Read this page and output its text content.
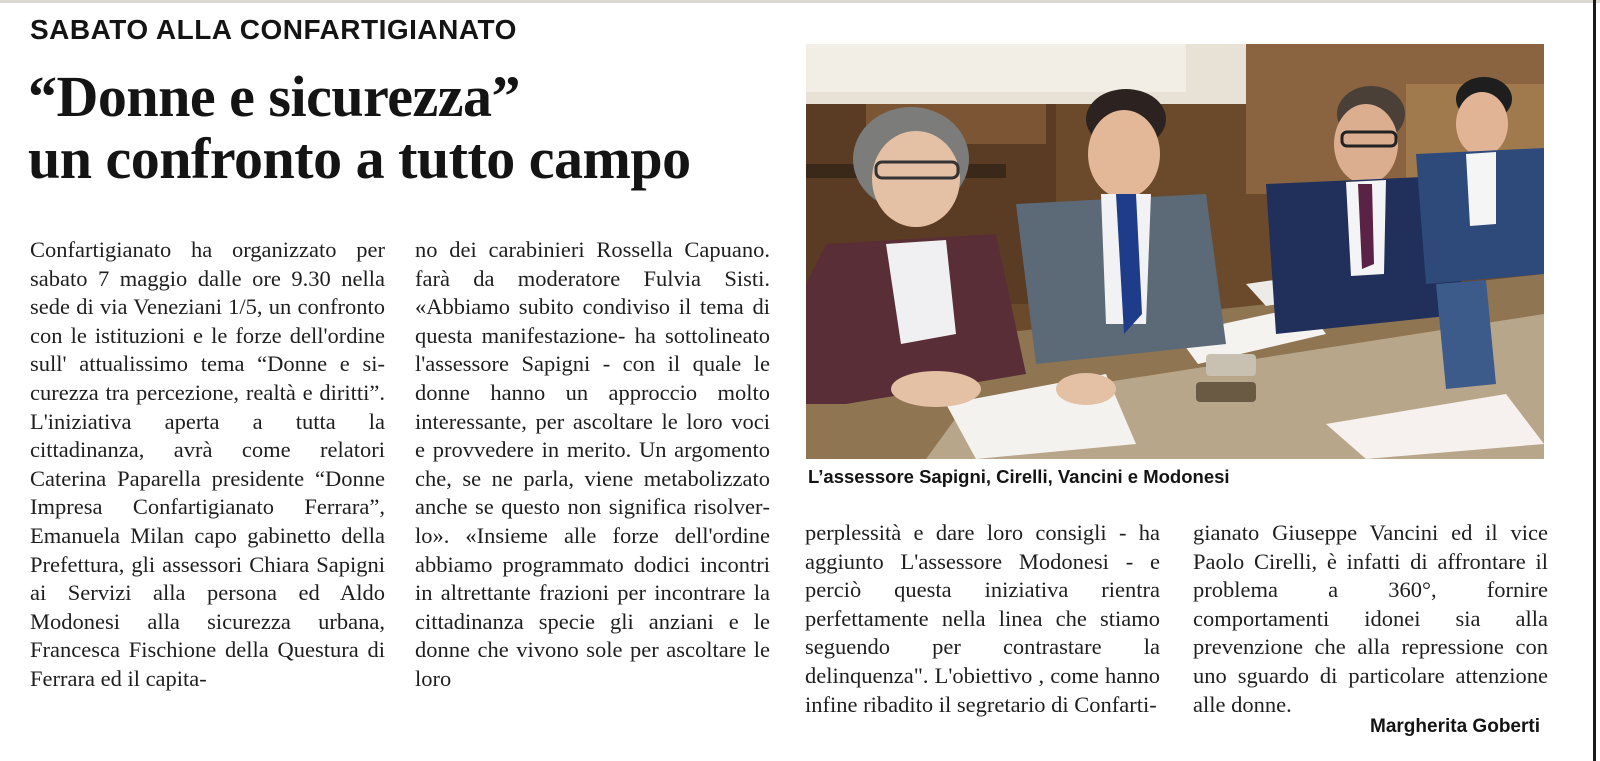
SABATO ALLA CONFARTIGIANATO
“Donne e sicurezza”
un confronto a tutto campo
Confartigianato ha organizzato per sabato 7 maggio dalle ore 9.30 nella sede di via Veneziani 1/5, un confronto con le istituzioni e le forze dell'ordine sull' attualissimo tema “Donne e sicurezza tra percezione, realtà e diritti”. L'iniziativa aperta a tutta la cittadinanza, avrà come relatori Caterina Paparella presidente “Donne Impresa Confartigianato Ferrara”, Emanuela Milan capo gabinetto della Prefettura, gli assessori Chiara Sapigni ai Servizi alla persona ed Aldo Modonesi alla sicurezza urbana, Francesca Fischione della Questura di Ferrara ed il capita-
no dei carabinieri Rossella Capuano. farà da moderatore Fulvia Sisti. «Abbiamo subito condiviso il tema di questa manifestazione- ha sottolineato l'assessore Sapigni - con il quale le donne hanno un approccio molto interessante, per ascoltare le loro voci e provvedere in merito. Un argomento che, se ne parla, viene metabolizzato anche se questo non significa risolverlo». «Insieme alle forze dell'ordine abbiamo programmato dodici incontri in altrettante frazioni per incontrare la cittadinanza specie gli anziani e le donne che vivono sole per ascoltare le loro
L’assessore Sapigni, Cirelli, Vancini e Modonesi
perplessità e dare loro consigli - ha aggiunto L'assessore Modonesi - e perciò questa iniziativa rientra perfettamente nella linea che stiamo seguendo per contrastare la delinquenza". L'obiettivo , come hanno infine ribadito il segretario di Confarti-
gianato Giuseppe Vancini ed il vice Paolo Cirelli, è infatti di affrontare il problema a 360°, fornire comportamenti idonei sia alla prevenzione che alla repressione con uno sguardo di particolare attenzione alle donne.
Margherita Goberti
